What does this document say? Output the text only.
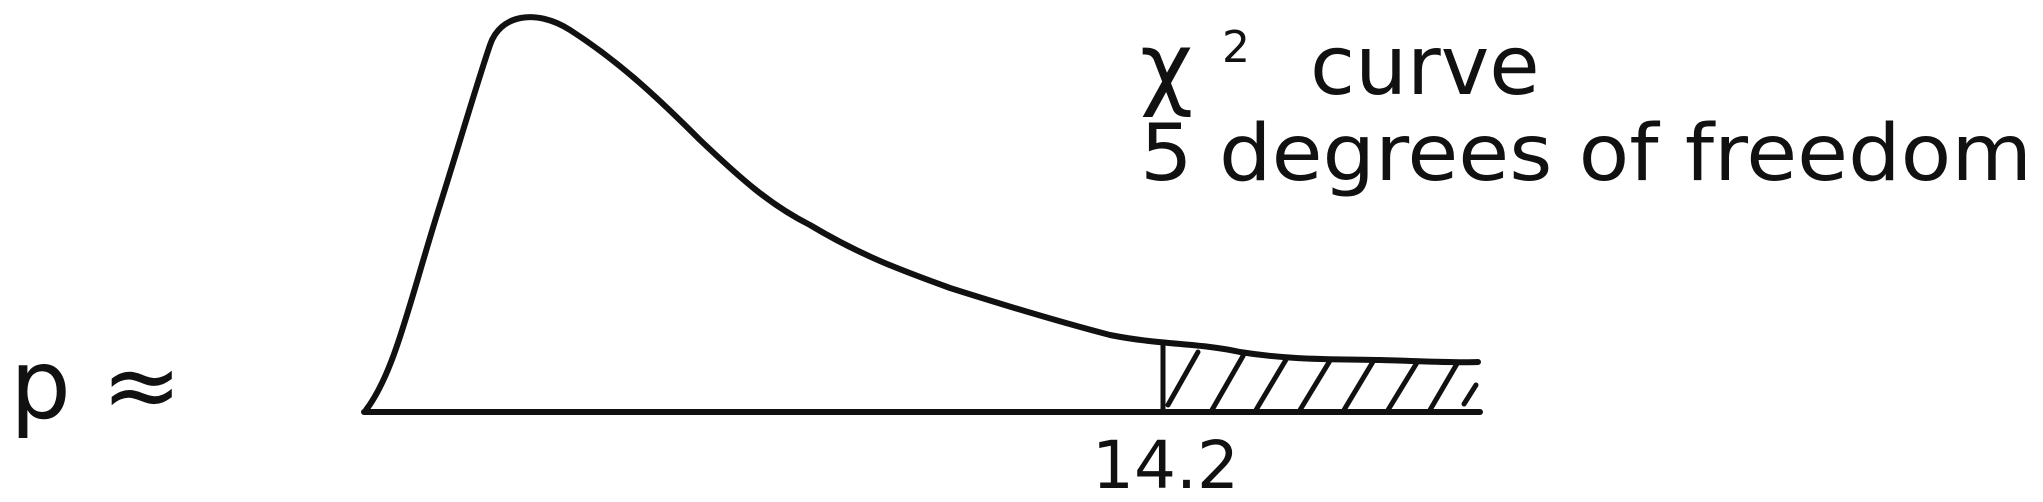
p ≈
χ 2 curve
5 degrees of freedom
14.2
